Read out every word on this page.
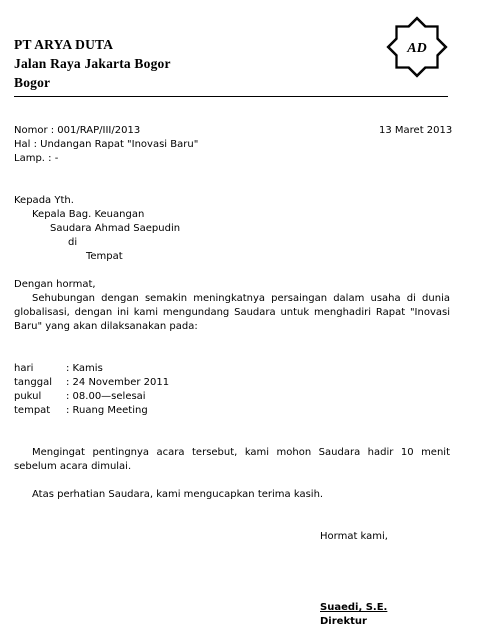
PT ARYA DUTA
Jalan Raya Jakarta Bogor
Bogor
AD
Nomor : 001/RAP/III/2013
Hal : Undangan Rapat "Inovasi Baru"
Lamp. : -
13 Maret 2013
Kepada Yth.
Kepala Bag. Keuangan
Saudara Ahmad Saepudin
di
Tempat
Dengan hormat,
Sehubungan dengan semakin meningkatnya persaingan dalam usaha di dunia globalisasi, dengan ini kami mengundang Saudara untuk menghadiri Rapat "Inovasi Baru" yang akan dilaksanakan pada:
hari	: Kamis
tanggal : 24 November 2011
pukul : 08.00—selesai
tempat : Ruang Meeting
Mengingat pentingnya acara tersebut, kami mohon Saudara hadir 10 menit sebelum acara dimulai.
Atas perhatian Saudara, kami mengucapkan terima kasih.
Hormat kami,
Suaedi, S.E.
Direktur
